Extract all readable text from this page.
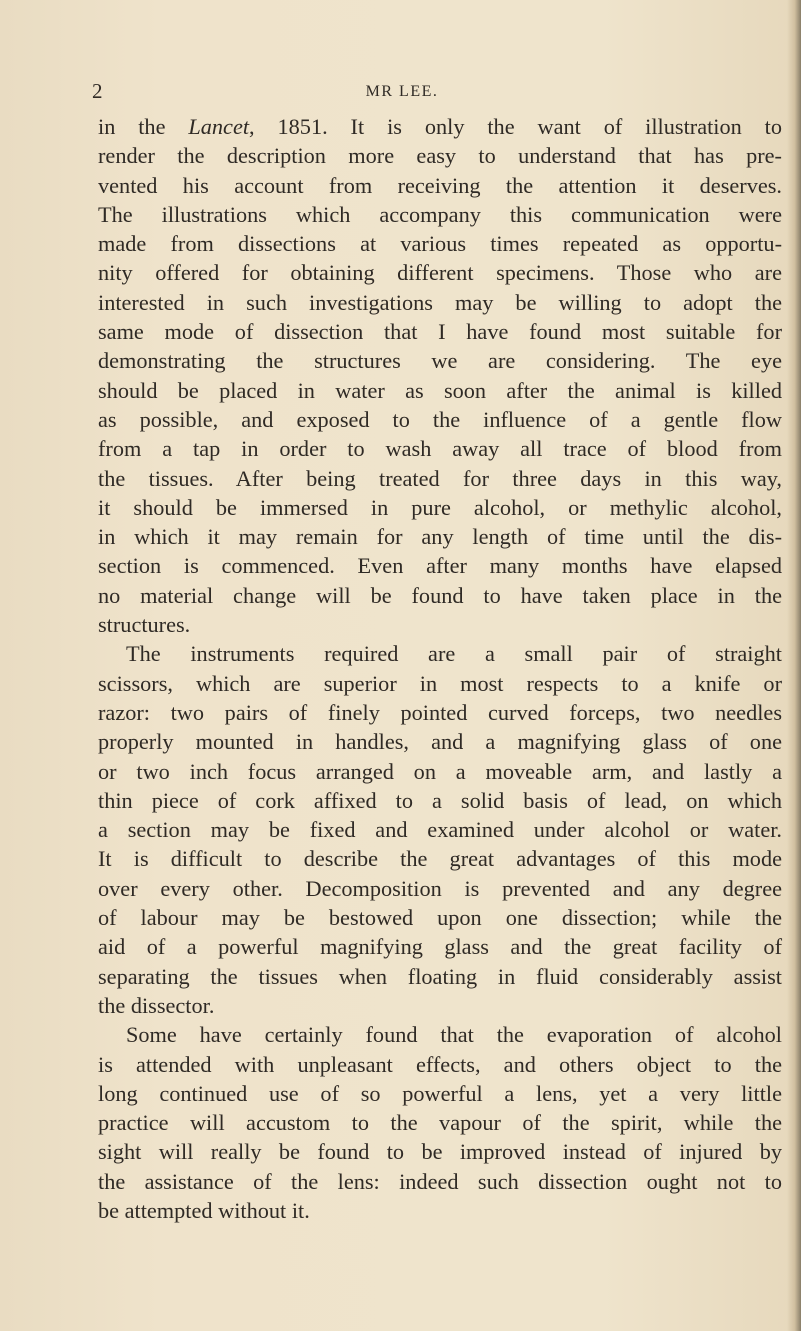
2	MR LEE.
in the Lancet, 1851. It is only the want of illustration to
render the description more easy to understand that has pre-
vented his account from receiving the attention it deserves.
The illustrations which accompany this communication were
made from dissections at various times repeated as opportu-
nity offered for obtaining different specimens. Those who are
interested in such investigations may be willing to adopt the
same mode of dissection that I have found most suitable for
demonstrating the structures we are considering. The eye
should be placed in water as soon after the animal is killed
as possible, and exposed to the influence of a gentle flow
from a tap in order to wash away all trace of blood from
the tissues. After being treated for three days in this way,
it should be immersed in pure alcohol, or methylic alcohol,
in which it may remain for any length of time until the dis-
section is commenced. Even after many months have elapsed
no material change will be found to have taken place in the
structures.
The instruments required are a small pair of straight
scissors, which are superior in most respects to a knife or
razor: two pairs of finely pointed curved forceps, two needles
properly mounted in handles, and a magnifying glass of one
or two inch focus arranged on a moveable arm, and lastly a
thin piece of cork affixed to a solid basis of lead, on which
a section may be fixed and examined under alcohol or water.
It is difficult to describe the great advantages of this mode
over every other. Decomposition is prevented and any degree
of labour may be bestowed upon one dissection; while the
aid of a powerful magnifying glass and the great facility of
separating the tissues when floating in fluid considerably assist
the dissector.
Some have certainly found that the evaporation of alcohol
is attended with unpleasant effects, and others object to the
long continued use of so powerful a lens, yet a very little
practice will accustom to the vapour of the spirit, while the
sight will really be found to be improved instead of injured by
the assistance of the lens: indeed such dissection ought not to
be attempted without it.
